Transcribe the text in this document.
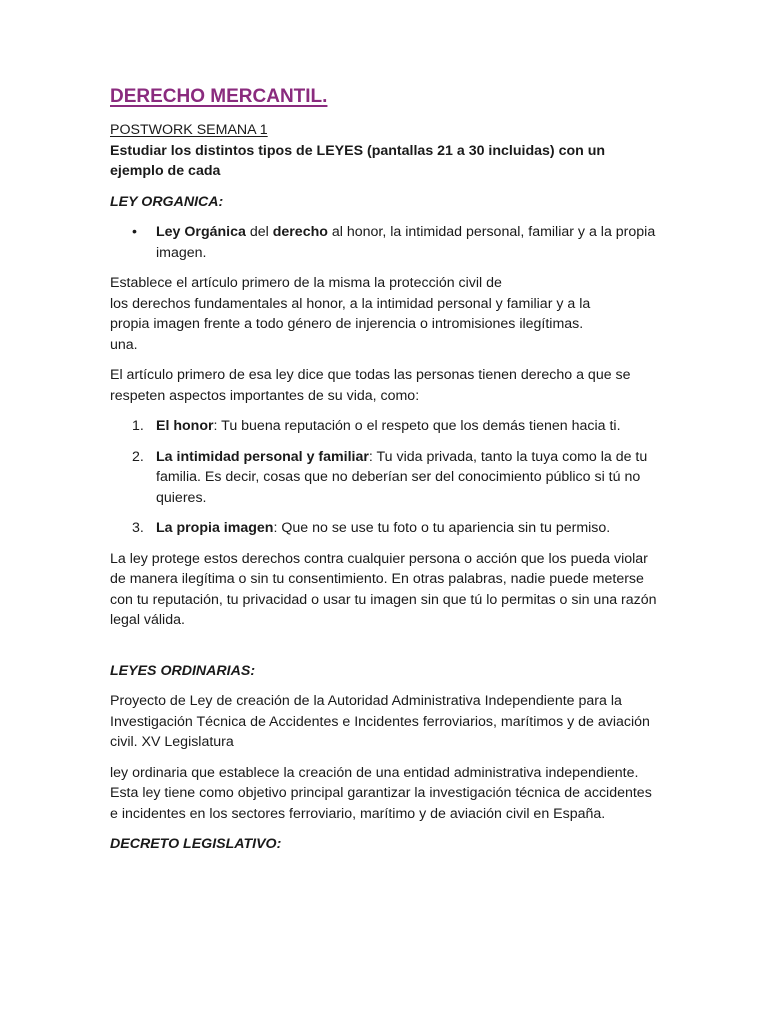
DERECHO MERCANTIL.

POSTWORK SEMANA 1

Estudiar los distintos tipos de LEYES (pantallas 21 a 30 incluidas) con un ejemplo de cada

LEY ORGANICA:

• Ley Orgánica del derecho al honor, la intimidad personal, familiar y a la propia imagen.

Establece el artículo primero de la misma la protección civil de
los derechos fundamentales al honor, a la intimidad personal y familiar y a la
propia imagen frente a todo género de injerencia o intromisiones ilegítimas.
una.

El artículo primero de esa ley dice que todas las personas tienen derecho a que se respeten aspectos importantes de su vida, como:

1. El honor: Tu buena reputación o el respeto que los demás tienen hacia ti.
2. La intimidad personal y familiar: Tu vida privada, tanto la tuya como la de tu familia. Es decir, cosas que no deberían ser del conocimiento público si tú no quieres.
3. La propia imagen: Que no se use tu foto o tu apariencia sin tu permiso.

La ley protege estos derechos contra cualquier persona o acción que los pueda violar de manera ilegítima o sin tu consentimiento. En otras palabras, nadie puede meterse con tu reputación, tu privacidad o usar tu imagen sin que tú lo permitas o sin una razón legal válida.

LEYES ORDINARIAS:

Proyecto de Ley de creación de la Autoridad Administrativa Independiente para la Investigación Técnica de Accidentes e Incidentes ferroviarios, marítimos y de aviación civil. XV Legislatura

ley ordinaria que establece la creación de una entidad administrativa independiente. Esta ley tiene como objetivo principal garantizar la investigación técnica de accidentes e incidentes en los sectores ferroviario, marítimo y de aviación civil en España.

DECRETO LEGISLATIVO:
